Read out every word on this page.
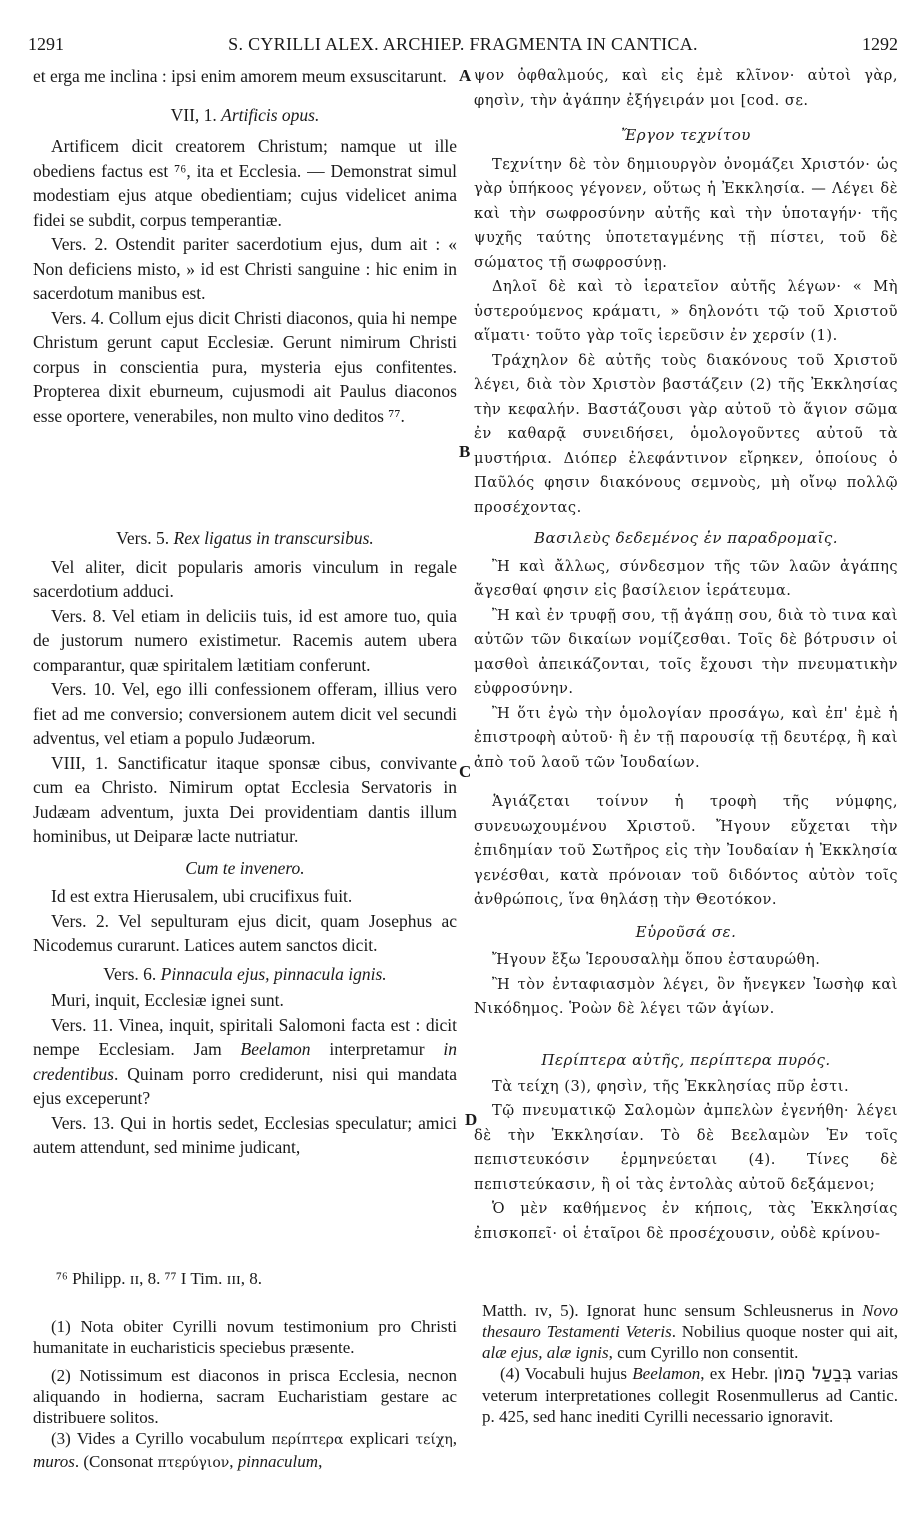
1291	S. CYRILLI ALEX. ARCHIEP. FRAGMENTA IN CANTICA.	1292

et erga me inclina : ipsi enim amorem meum exsuscitarunt.

VII, 1. Artificis opus.

Artificem dicit creatorem Christum; namque ut ille obediens factus est ⁷⁶, ita et Ecclesia. — Demonstrat simul modestiam ejus atque obedientiam; cujus videlicet anima fidei se subdit, corpus temperantiæ.

Vers. 2. Ostendit pariter sacerdotium ejus, dum ait : « Non deficiens misto, » id est Christi sanguine : hic enim in sacerdotum manibus est.

Vers. 4. Collum ejus dicit Christi diaconos, quia hi nempe Christum gerunt caput Ecclesiæ. Gerunt nimirum Christi corpus in conscientia pura, mysteria ejus confitentes. Propterea dixit eburneum, cujusmodi ait Paulus diaconos esse oportere, venerabiles, non multo vino deditos ⁷⁷.

Vers. 5. Rex ligatus in transcursibus.

Vel aliter, dicit popularis amoris vinculum in regale sacerdotium adduci.

Vers. 8. Vel etiam in deliciis tuis, id est amore tuo, quia de justorum numero existimetur. Racemis autem ubera comparantur, quæ spiritalem lætitiam conferunt.

Vers. 10. Vel, ego illi confessionem offeram, illius vero fiet ad me conversio; conversionem autem dicit vel secundi adventus, vel etiam a populo Judæorum.

VIII, 1. Sanctificatur itaque sponsæ cibus, convivante cum ea Christo. Nimirum optat Ecclesia Servatoris in Judæam adventum, juxta Dei providentiam dantis illum hominibus, ut Deiparæ lacte nutriatur.

Cum te invenero.

Id est extra Hierusalem, ubi crucifixus fuit.

Vers. 2. Vel sepulturam ejus dicit, quam Josephus ac Nicodemus curarunt. Latices autem sanctos dicit.

Vers. 6. Pinnacula ejus, pinnacula ignis.

Muri, inquit, Ecclesiæ ignei sunt.

Vers. 11. Vinea, inquit, spiritali Salomoni facta est : dicit nempe Ecclesiam. Jam Beelamon interpretamur in credentibus. Quinam porro crediderunt, nisi qui mandata ejus exceperunt?

Vers. 13. Qui in hortis sedet, Ecclesias speculatur; amici autem attendunt, sed minime judicant,

ψον ὀφθαλμούς, καὶ εἰς ἐμὲ κλῖνον· αὐτοὶ γὰρ, φησὶν, τὴν ἀγάπην ἐξήγειράν μοι [cod. σε.

Ἔργον τεχνίτου

Τεχνίτην δὲ τὸν δημιουργὸν ὀνομάζει Χριστόν· ὡς γὰρ ὑπήκοος γέγονεν, οὕτως ἡ Ἐκκλησία. — Λέγει δὲ καὶ τὴν σωφροσύνην αὐτῆς καὶ τὴν ὑποταγήν· τῆς ψυχῆς ταύτης ὑποτεταγμένης τῇ πίστει, τοῦ δὲ σώματος τῇ σωφροσύνῃ.

Δηλοῖ δὲ καὶ τὸ ἱερατεῖον αὐτῆς λέγων· « Μὴ ὑστερούμενος κράματι, » δηλονότι τῷ τοῦ Χριστοῦ αἵματι· τοῦτο γὰρ τοῖς ἱερεῦσιν ἐν χερσίν (1).

Τράχηλον δὲ αὐτῆς τοὺς διακόνους τοῦ Χριστοῦ λέγει, διὰ τὸν Χριστὸν βαστάζειν (2) τῆς Ἐκκλησίας τὴν κεφαλήν. Βαστάζουσι γὰρ αὐτοῦ τὸ ἅγιον σῶμα ἐν καθαρᾷ συνειδήσει, ὁμολογοῦντες αὐτοῦ τὰ μυστήρια. Διόπερ ἐλεφάντινον εἴρηκεν, ὁποίους ὁ Παῦλός φησιν διακόνους σεμνοὺς, μὴ οἴνῳ πολλῷ προσέχοντας.

Βασιλεὺς δεδεμένος ἐν παραδρομαῖς.

Ἢ καὶ ἄλλως, σύνδεσμον τῆς τῶν λαῶν ἀγάπης ἄγεσθαί φησιν εἰς βασίλειον ἱεράτευμα.

Ἢ καὶ ἐν τρυφῇ σου, τῇ ἀγάπῃ σου, διὰ τὸ τινα καὶ αὐτῶν τῶν δικαίων νομίζεσθαι. Τοῖς δὲ βότρυσιν οἱ μασθοὶ ἀπεικάζονται, τοῖς ἔχουσι τὴν πνευματικὴν εὐφροσύνην.

Ἢ ὅτι ἐγὼ τὴν ὁμολογίαν προσάγω, καὶ ἐπ' ἐμὲ ἡ ἐπιστροφὴ αὐτοῦ· ἢ ἐν τῇ παρουσίᾳ τῇ δευτέρᾳ, ἢ καὶ ἀπὸ τοῦ λαοῦ τῶν Ἰουδαίων.

Ἁγιάζεται τοίνυν ἡ τροφὴ τῆς νύμφης, συνευωχουμένου Χριστοῦ. Ἤγουν εὔχεται τὴν ἐπιδημίαν τοῦ Σωτῆρος εἰς τὴν Ἰουδαίαν ἡ Ἐκκλησία γενέσθαι, κατὰ πρόνοιαν τοῦ διδόντος αὐτὸν τοῖς ἀνθρώποις, ἵνα θηλάσῃ τὴν Θεοτόκον.

Εὑροῦσά σε.

Ἤγουν ἔξω Ἱερουσαλὴμ ὅπου ἐσταυρώθη.

Ἢ τὸν ἐνταφιασμὸν λέγει, ὃν ἤνεγκεν Ἰωσὴφ καὶ Νικόδημος. Ῥοὼν δὲ λέγει τῶν ἁγίων.

Περίπτερα αὐτῆς, περίπτερα πυρός.

Τὰ τείχη (3), φησὶν, τῆς Ἐκκλησίας πῦρ ἐστι.

Τῷ πνευματικῷ Σαλομὼν ἀμπελὼν ἐγενήθη· λέγει δὲ τὴν Ἐκκλησίαν. Τὸ δὲ Βεελαμὼν Ἐν τοῖς πεπιστευκόσιν ἑρμηνεύεται (4). Τίνες δὲ πεπιστεύκασιν, ἢ οἱ τὰς ἐντολὰς αὐτοῦ δεξάμενοι;

Ὁ μὲν καθήμενος ἐν κήποις, τὰς Ἐκκλησίας ἐπισκοπεῖ· οἱ ἑταῖροι δὲ προσέχουσιν, οὐδὲ κρίνου-

A
B
C
D
⁷⁶ Philipp. ɪɪ, 8. ⁷⁷ I Tim. ɪɪɪ, 8.

(1) Nota obiter Cyrilli novum testimonium pro Christi humanitate in eucharisticis speciebus præsente.

(2) Notissimum est diaconos in prisca Ecclesia, necnon aliquando in hodierna, sacram Eucharistiam gestare ac distribuere solitos.

(3) Vides a Cyrillo vocabulum περίπτερα explicari τείχη, muros. (Consonat πτερύγιον, pinnaculum,

Matth. ɪᴠ, 5). Ignorat hunc sensum Schleusnerus in Novo thesauro Testamenti Veteris. Nobilius quoque noster qui ait, alæ ejus, alæ ignis, cum Cyrillo non consentit.

(4) Vocabuli hujus Beelamon, ex Hebr. בְּבַעַל הָמוֹן varias veterum interpretationes collegit Rosenmullerus ad Cantic. p. 425, sed hanc inediti Cyrilli necessario ignoravit.
